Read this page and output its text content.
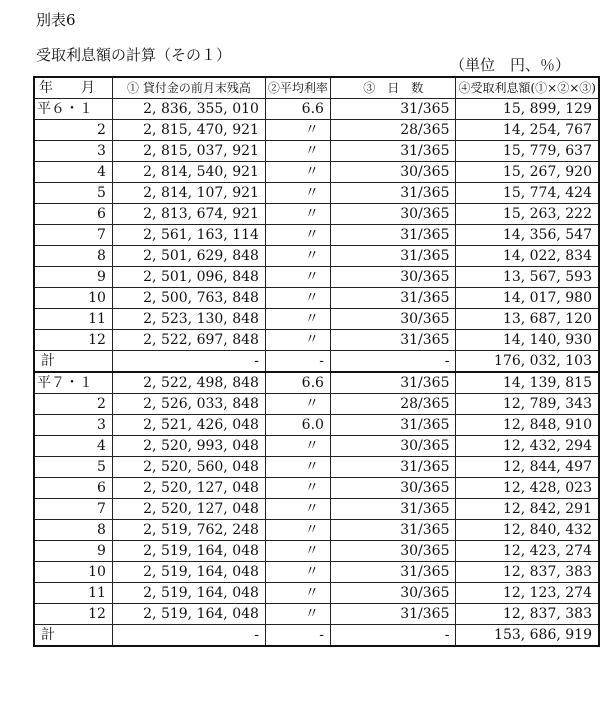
別表6
受取利息額の計算（その１）
（単位　円、％）
年　　月	① 貸付金の前月末残高	②平均利率	③　日　数	④受取利息額(①×②×③)
平６・１	2, 836, 355, 010	6.6	31/365	15, 899, 129
2	2, 815, 470, 921	〃	28/365	14, 254, 767
3	2, 815, 037, 921	〃	31/365	15, 779, 637
4	2, 814, 540, 921	〃	30/365	15, 267, 920
5	2, 814, 107, 921	〃	31/365	15, 774, 424
6	2, 813, 674, 921	〃	30/365	15, 263, 222
7	2, 561, 163, 114	〃	31/365	14, 356, 547
8	2, 501, 629, 848	〃	31/365	14, 022, 834
9	2, 501, 096, 848	〃	30/365	13, 567, 593
10	2, 500, 763, 848	〃	31/365	14, 017, 980
11	2, 523, 130, 848	〃	30/365	13, 687, 120
12	2, 522, 697, 848	〃	31/365	14, 140, 930
計	-	-	-	176, 032, 103
平７・１	2, 522, 498, 848	6.6	31/365	14, 139, 815
2	2, 526, 033, 848	〃	28/365	12, 789, 343
3	2, 521, 426, 048	6.0	31/365	12, 848, 910
4	2, 520, 993, 048	〃	30/365	12, 432, 294
5	2, 520, 560, 048	〃	31/365	12, 844, 497
6	2, 520, 127, 048	〃	30/365	12, 428, 023
7	2, 520, 127, 048	〃	31/365	12, 842, 291
8	2, 519, 762, 248	〃	31/365	12, 840, 432
9	2, 519, 164, 048	〃	30/365	12, 423, 274
10	2, 519, 164, 048	〃	31/365	12, 837, 383
11	2, 519, 164, 048	〃	30/365	12, 123, 274
12	2, 519, 164, 048	〃	31/365	12, 837, 383
計	-	-	-	153, 686, 919
